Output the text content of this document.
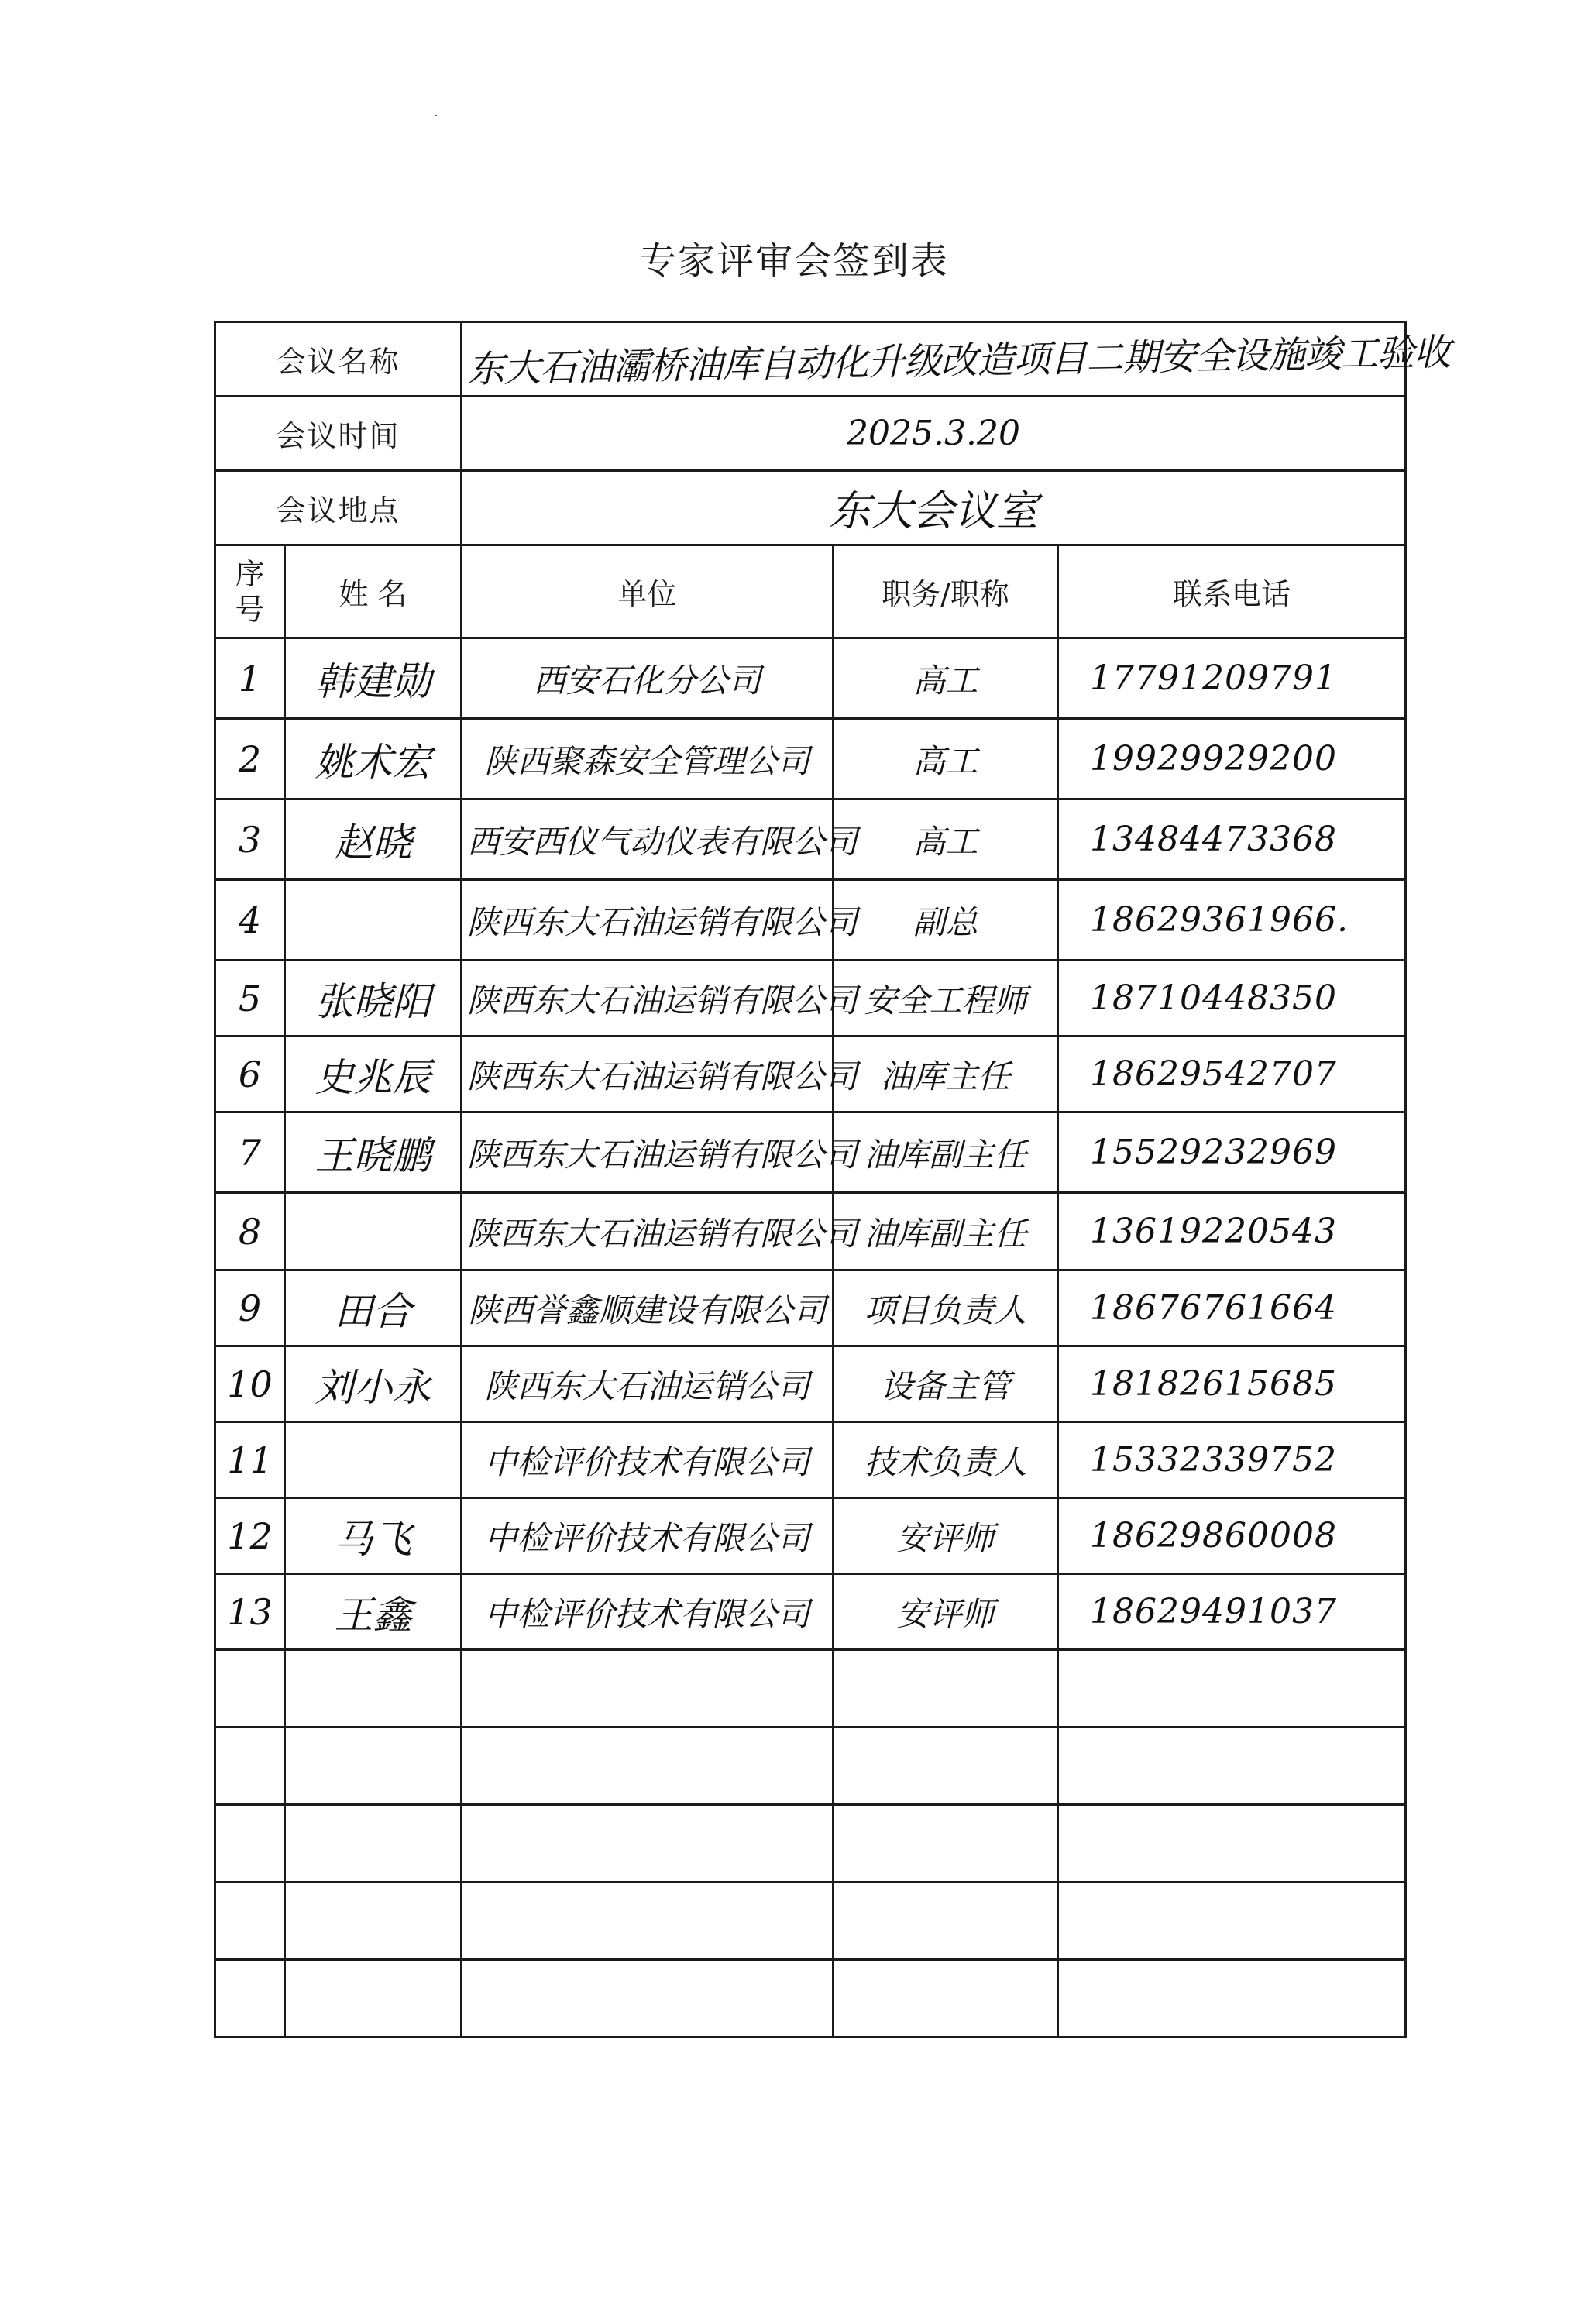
专家评审会签到表
会议名称		东大石油灞桥油库自动化升级改造项目二期安全设施竣工验收		
会议时间		2025.3.20		
会议地点		东大会议室		
序号	姓 名	单位	职务/职称	联系电话
1	韩建勋	西安石化分公司	高工	17791209791
2	姚术宏	陕西聚森安全管理公司	高工	19929929200
3	赵晓	西安西仪气动仪表有限公司	高工	13484473368
4		陕西东大石油运销有限公司	副总	18629361966.
5	张晓阳	陕西东大石油运销有限公司	安全工程师	18710448350
6	史兆辰	陕西东大石油运销有限公司	油库主任	18629542707
7	王晓鹏	陕西东大石油运销有限公司	油库副主任	15529232969
8		陕西东大石油运销有限公司	油库副主任	13619220543
9	田合	陕西誉鑫顺建设有限公司	项目负责人	18676761664
10	刘小永	陕西东大石油运销公司	设备主管	18182615685
11		中检评价技术有限公司	技术负责人	15332339752
12	马飞	中检评价技术有限公司	安评师	18629860008
13	王鑫	中检评价技术有限公司	安评师	18629491037
